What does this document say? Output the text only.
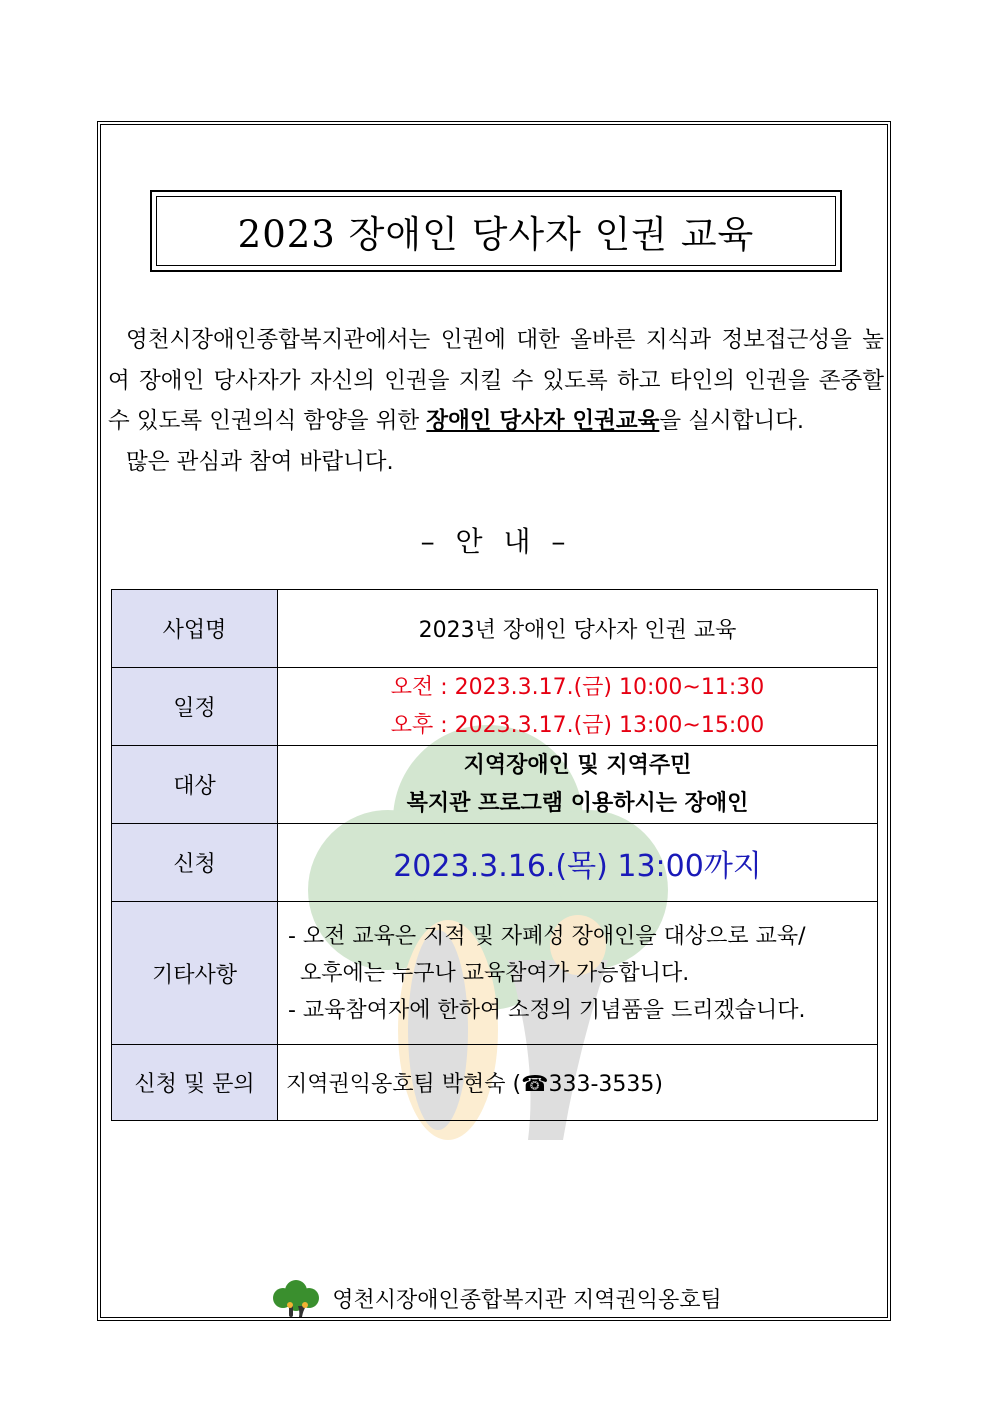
2023 장애인 당사자 인권 교육

영천시장애인종합복지관에서는 인권에 대한 올바른 지식과 정보접근성을 높여 장애인 당사자가 자신의 인권을 지킬 수 있도록 하고 타인의 인권을 존중할 수 있도록 인권의식 함양을 위한 장애인 당사자 인권교육을 실시합니다.

많은 관심과 참여 바랍니다.

– 안 내 –
사업명	2023년 장애인 당사자 인권 교육
일정	오전 : 2023.3.17.(금) 10:00~11:30
오후 : 2023.3.17.(금) 13:00~15:00

대상	지역장애인 및 지역주민
복지관 프로그램 이용하시는 장애인

신청	2023.3.16.(목) 13:00까지
기타사항	- 오전 교육은 지적 및 자폐성 장애인을 대상으로 교육/
오후에는 누구나 교육참여가 가능합니다.
- 교육참여자에 한하여 소정의 기념품을 드리겠습니다.

신청 및 문의	지역권익옹호팀 박현숙 (☎333-3535)
영천시장애인종합복지관 지역권익옹호팀
